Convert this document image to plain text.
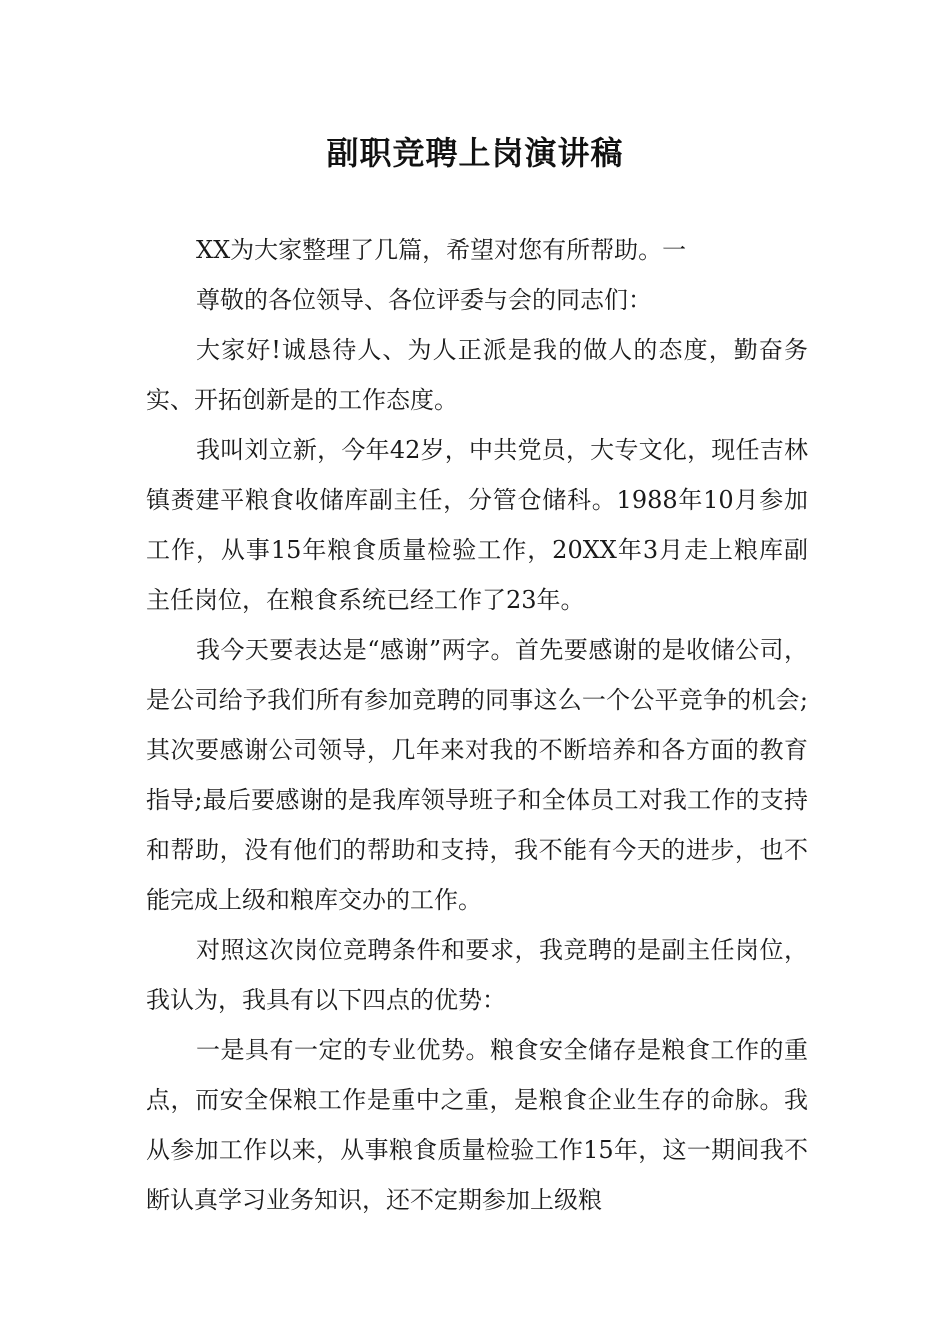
副职竞聘上岗演讲稿

XX为大家整理了几篇，希望对您有所帮助。一

尊敬的各位领导、各位评委与会的同志们：

大家好!诚恳待人、为人正派是我的做人的态度，勤奋务实、开拓创新是的工作态度。

我叫刘立新，今年42岁，中共党员，大专文化，现任吉林镇赉建平粮食收储库副主任，分管仓储科。1988年10月参加工作，从事15年粮食质量检验工作，20XX年3月走上粮库副主任岗位，在粮食系统已经工作了23年。

我今天要表达是“感谢”两字。首先要感谢的是收储公司，是公司给予我们所有参加竞聘的同事这么一个公平竞争的机会;其次要感谢公司领导，几年来对我的不断培养和各方面的教育指导;最后要感谢的是我库领导班子和全体员工对我工作的支持和帮助，没有他们的帮助和支持，我不能有今天的进步，也不能完成上级和粮库交办的工作。

对照这次岗位竞聘条件和要求，我竞聘的是副主任岗位，我认为，我具有以下四点的优势：

一是具有一定的专业优势。粮食安全储存是粮食工作的重点，而安全保粮工作是重中之重，是粮食企业生存的命脉。我从参加工作以来，从事粮食质量检验工作15年，这一期间我不断认真学习业务知识，还不定期参加上级粮
